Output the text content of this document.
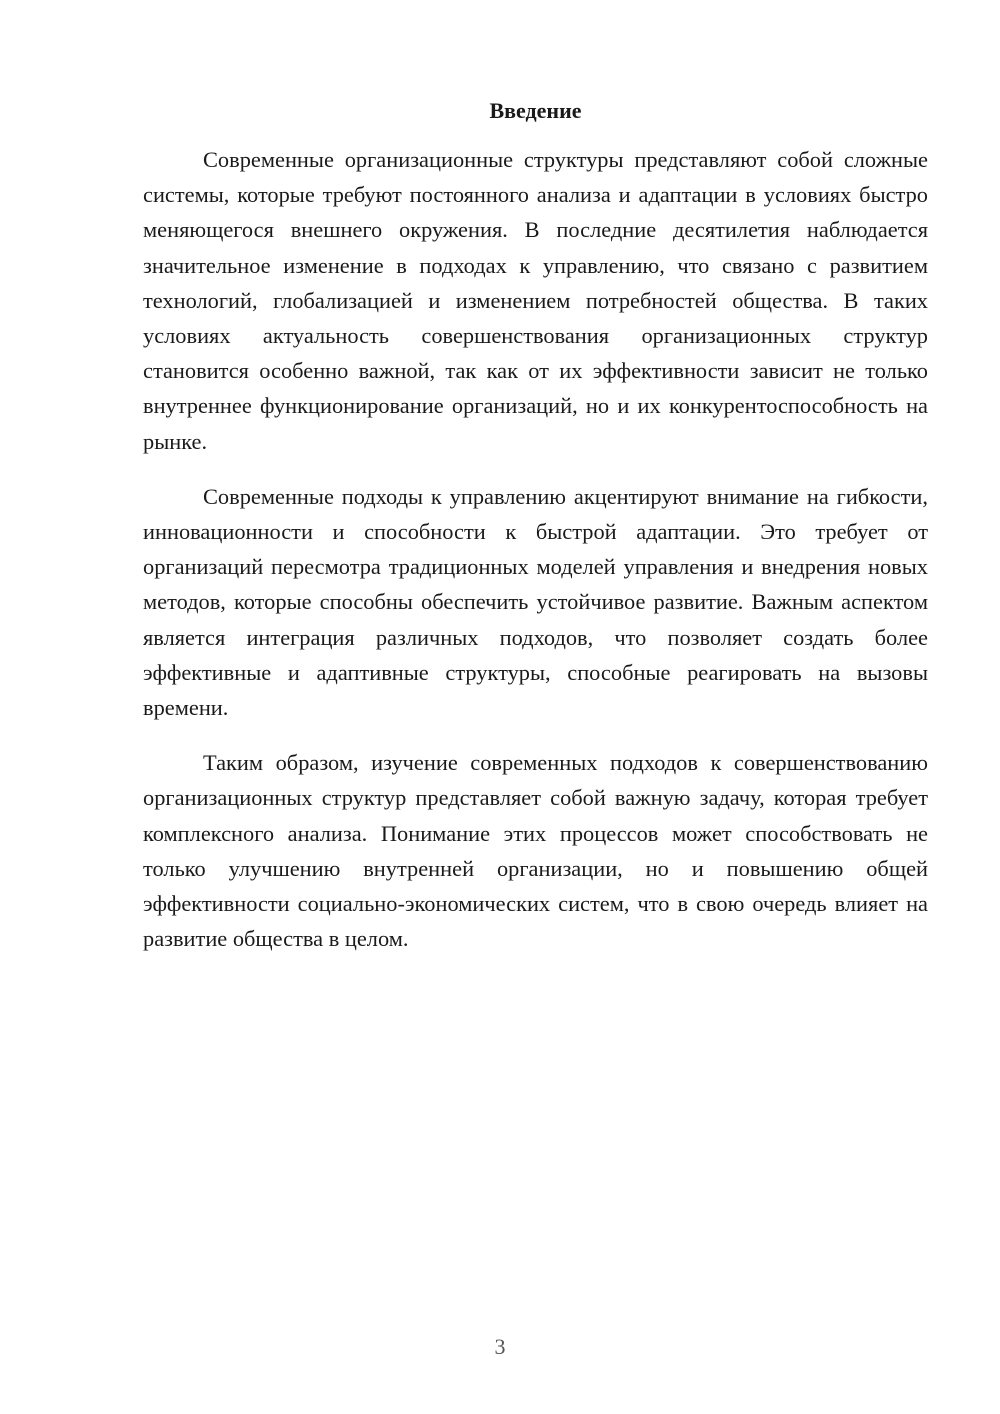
Введение

Современные организационные структуры представляют собой сложные системы, которые требуют постоянного анализа и адаптации в условиях быстро меняющегося внешнего окружения. В последние десятилетия наблюдается значительное изменение в подходах к управлению, что связано с развитием технологий, глобализацией и изменением потребностей общества. В таких условиях актуальность совершенствования организационных структур становится особенно важной, так как от их эффективности зависит не только внутреннее функционирование организаций, но и их конкурентоспособность на рынке.

Современные подходы к управлению акцентируют внимание на гибкости, инновационности и способности к быстрой адаптации. Это требует от организаций пересмотра традиционных моделей управления и внедрения новых методов, которые способны обеспечить устойчивое развитие. Важным аспектом является интеграция различных подходов, что позволяет создать более эффективные и адаптивные структуры, способные реагировать на вызовы времени.

Таким образом, изучение современных подходов к совершенствованию организационных структур представляет собой важную задачу, которая требует комплексного анализа. Понимание этих процессов может способствовать не только улучшению внутренней организации, но и повышению общей эффективности социально-экономических систем, что в свою очередь влияет на развитие общества в целом.

3
